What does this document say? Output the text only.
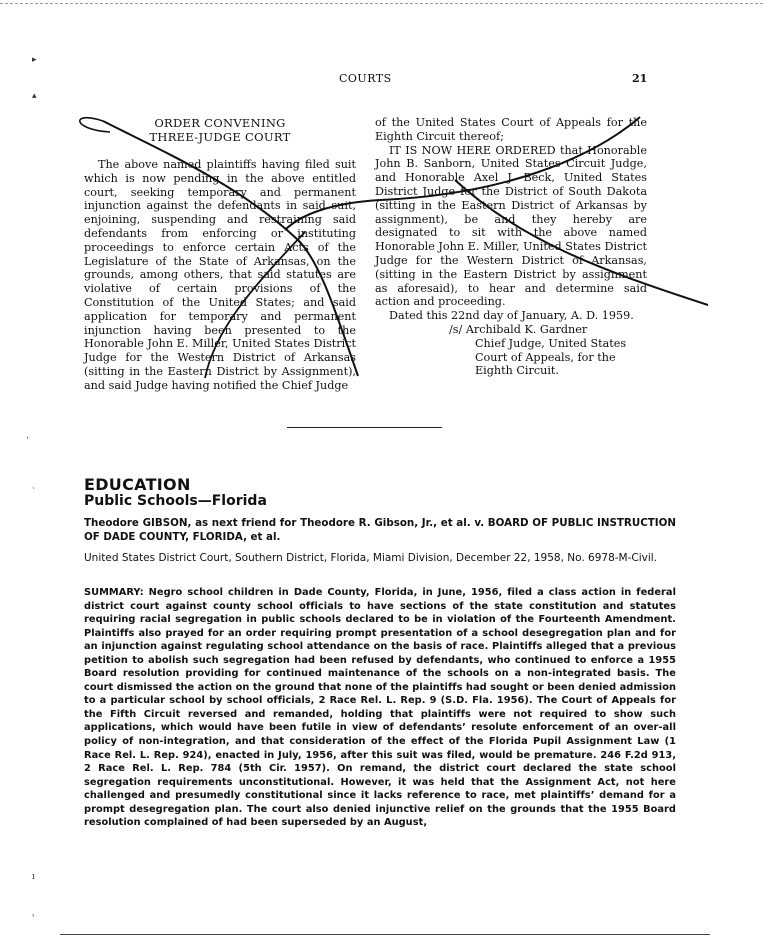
▸
▴
ʻ
ˎ
ı
˒
COURTS	21
ORDER CONVENING
THREE-JUDGE COURT

The above named plaintiffs having filed suit which is now pending in the above entitled court, seeking temporary and permanent injunction against the defendants in said suit, enjoining, suspending and restraining said defendants from enforcing or instituting proceedings to enforce certain Acts of the Legislature of the State of Arkansas, on the grounds, among others, that said statutes are violative of certain provisions of the Constitution of the United States; and said application for temporary and permanent injunction having been presented to the Honorable John E. Miller, United States District Judge for the Western District of Arkansas (sitting in the Eastern District by Assignment), and said Judge having notified the Chief Judge

of the United States Court of Appeals for the Eighth Circuit thereof;

IT IS NOW HERE ORDERED that Honorable John B. Sanborn, United States Circuit Judge, and Honorable Axel J. Beck, United States District Judge for the District of South Dakota (sitting in the Eastern District of Arkansas by assignment), be and they hereby are designated to sit with the above named Honorable John E. Miller, United States District Judge for the Western District of Arkansas, (sitting in the Eastern District by assignment as aforesaid), to hear and determine said action and proceeding.

Dated this 22nd day of January, A. D. 1959.

/s/ Archibald K. Gardner
Chief Judge, United States
Court of Appeals, for the
Eighth Circuit.
EDUCATION
Public Schools—Florida
Theodore GIBSON, as next friend for Theodore R. Gibson, Jr., et al. v. BOARD OF PUBLIC INSTRUCTION OF DADE COUNTY, FLORIDA, et al.
United States District Court, Southern District, Florida, Miami Division, December 22, 1958, No. 6978-M-Civil.
SUMMARY: Negro school children in Dade County, Florida, in June, 1956, filed a class action in federal district court against county school officials to have sections of the state constitution and statutes requiring racial segregation in public schools declared to be in violation of the Fourteenth Amendment. Plaintiffs also prayed for an order requiring prompt presentation of a school desegregation plan and for an injunction against regulating school attendance on the basis of race. Plaintiffs alleged that a previous petition to abolish such segregation had been refused by defendants, who continued to enforce a 1955 Board resolution providing for continued maintenance of the schools on a non-integrated basis. The court dismissed the action on the ground that none of the plaintiffs had sought or been denied admission to a particular school by school officials, 2 Race Rel. L. Rep. 9 (S.D. Fla. 1956). The Court of Appeals for the Fifth Circuit reversed and remanded, holding that plaintiffs were not required to show such applications, which would have been futile in view of defendants’ resolute enforcement of an over-all policy of non-integration, and that consideration of the effect of the Florida Pupil Assignment Law (1 Race Rel. L. Rep. 924), enacted in July, 1956, after this suit was filed, would be premature. 246 F.2d 913, 2 Race Rel. L. Rep. 784 (5th Cir. 1957). On remand, the district court declared the state school segregation requirements unconstitutional. However, it was held that the Assignment Act, not here challenged and presumedly constitutional since it lacks reference to race, met plaintiffs’ demand for a prompt desegregation plan. The court also denied injunctive relief on the grounds that the 1955 Board resolution complained of had been superseded by an August,
